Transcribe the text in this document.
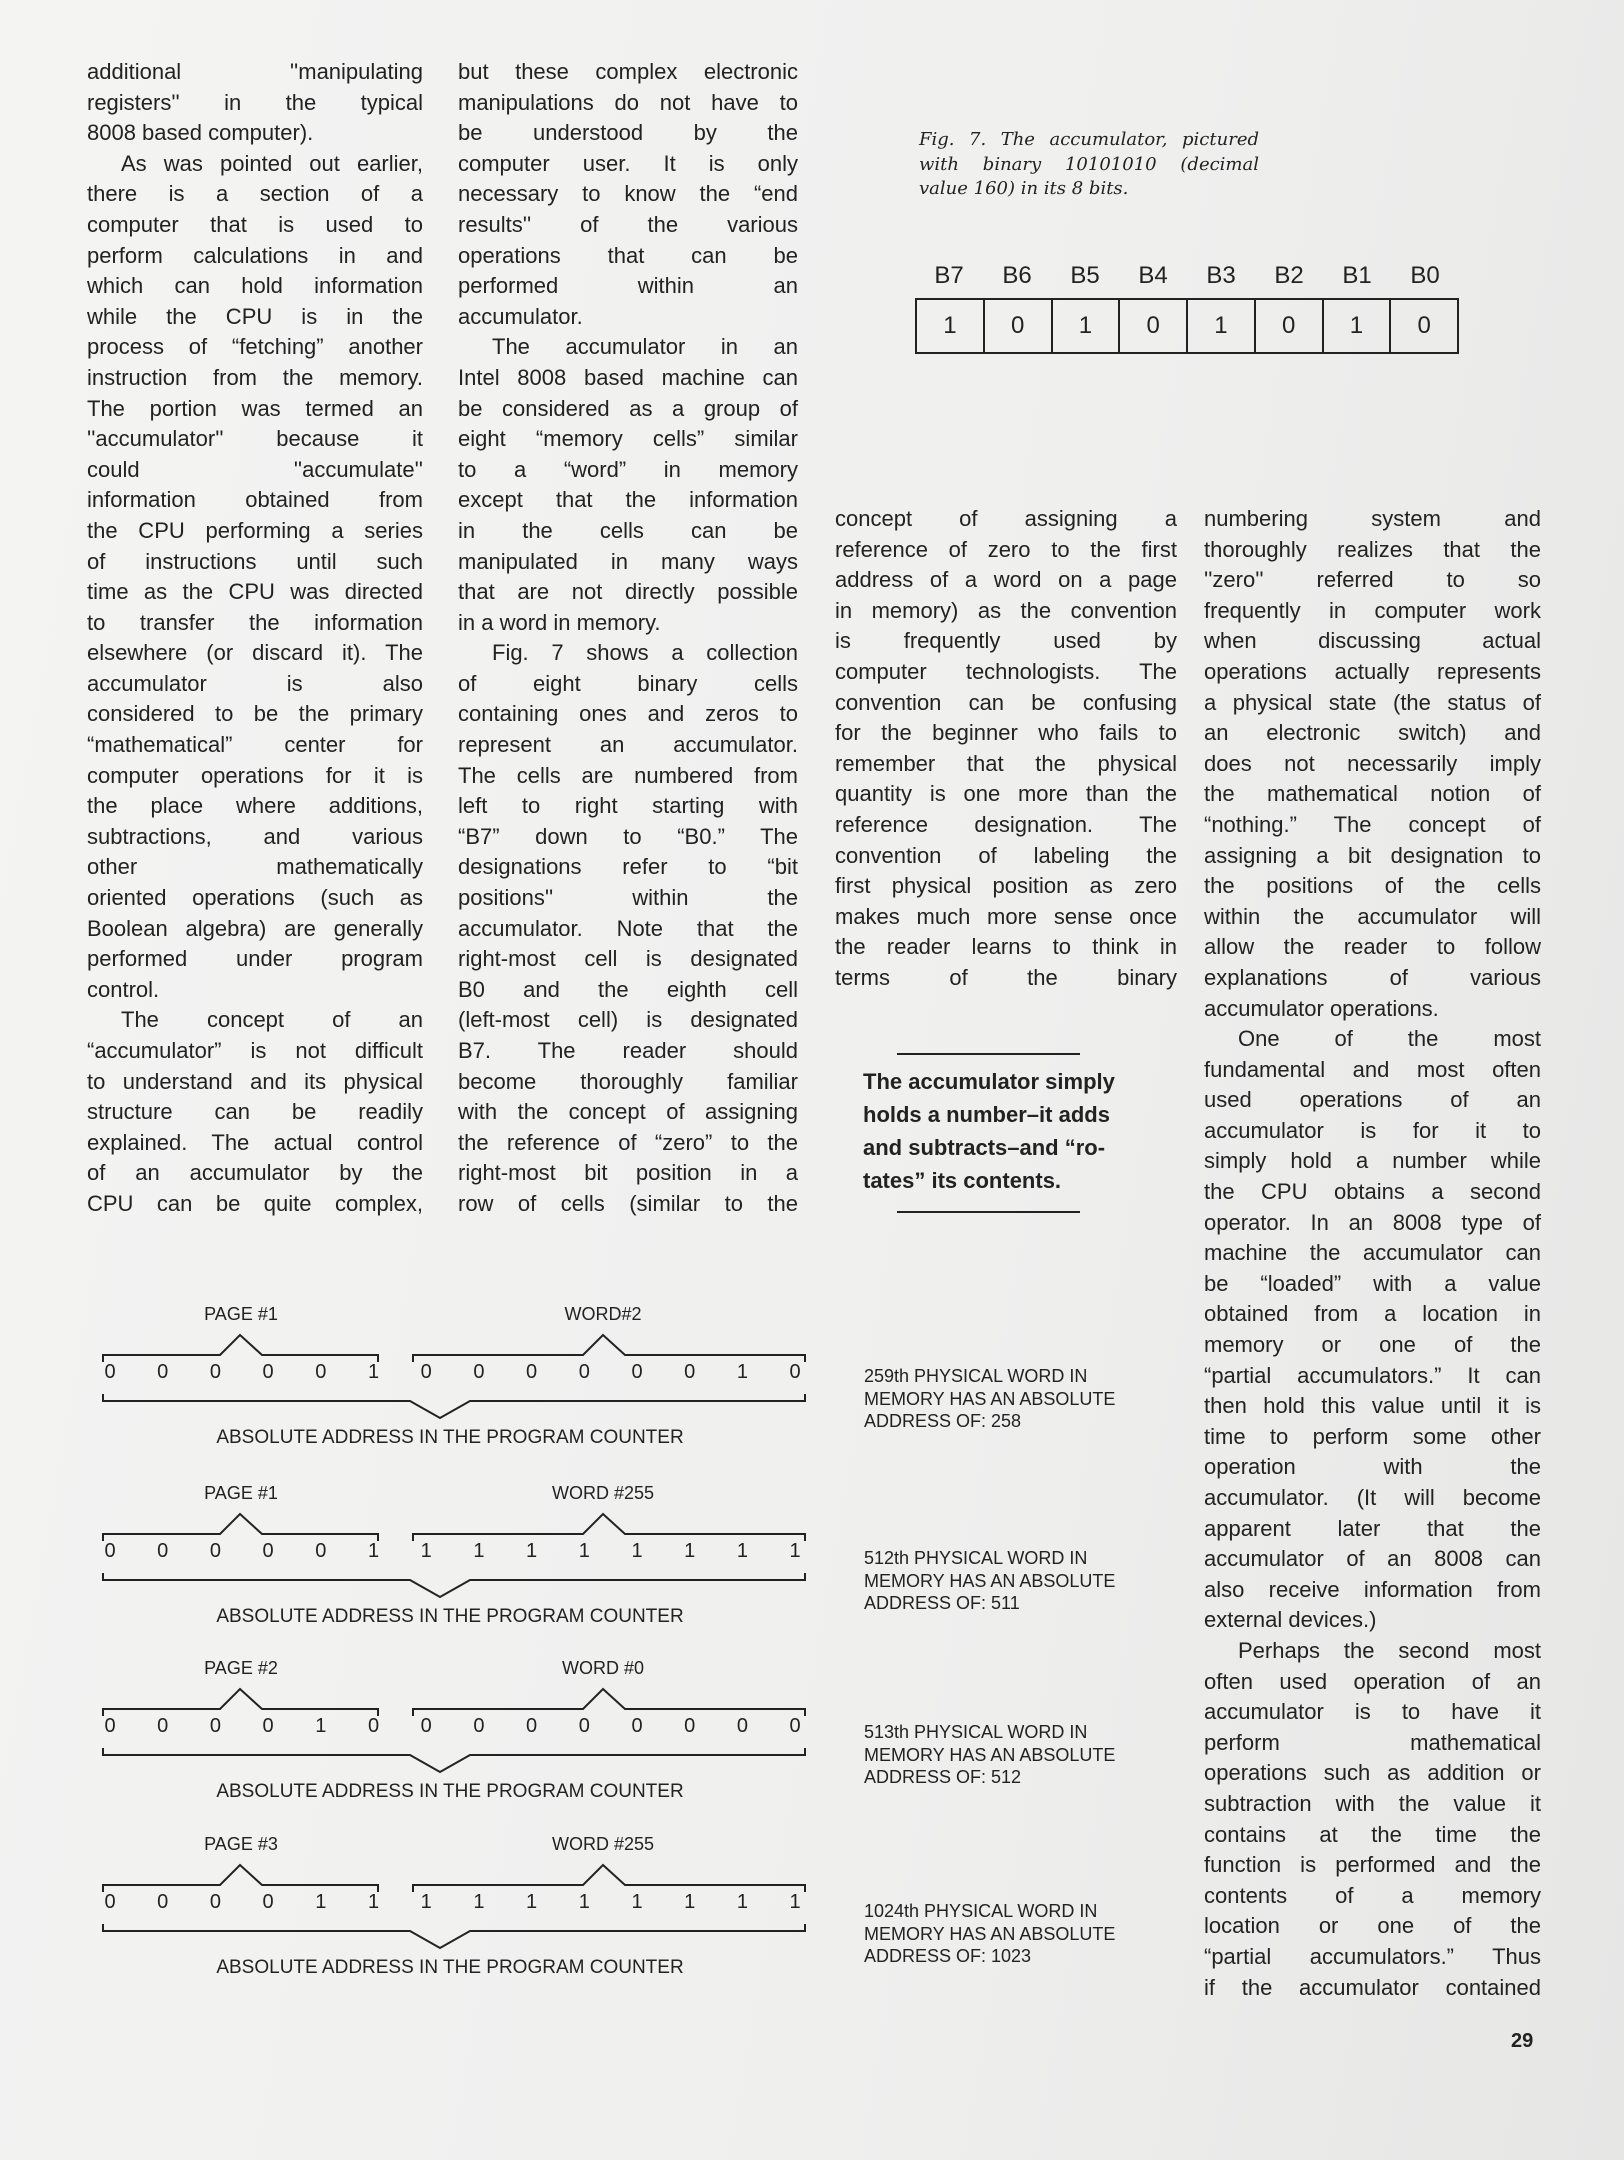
additional ''manipulating
registers'' in the typical
8008 based computer).
As was pointed out earlier,
there is a section of a
computer that is used to
perform calculations in and
which can hold information
while the CPU is in the
process of “fetching” another
instruction from the memory.
The portion was termed an
''accumulator'' because it
could ''accumulate''
information obtained from
the CPU performing a series
of instructions until such
time as the CPU was directed
to transfer the information
elsewhere (or discard it). The
accumulator is also
considered to be the primary
“mathematical” center for
computer operations for it is
the place where additions,
subtractions, and various
other mathematically
oriented operations (such as
Boolean algebra) are generally
performed under program
control.
The concept of an
“accumulator” is not difficult
to understand and its physical
structure can be readily
explained. The actual control
of an accumulator by the
CPU can be quite complex,
but these complex electronic
manipulations do not have to
be understood by the
computer user. It is only
necessary to know the “end
results'' of the various
operations that can be
performed within an
accumulator.
The accumulator in an
Intel 8008 based machine can
be considered as a group of
eight “memory cells” similar
to a “word” in memory
except that the information
in the cells can be
manipulated in many ways
that are not directly possible
in a word in memory.
Fig. 7 shows a collection
of eight binary cells
containing ones and zeros to
represent an accumulator.
The cells are numbered from
left to right starting with
“B7” down to “B0.” The
designations refer to “bit
positions'' within the
accumulator. Note that the
right-most cell is designated
B0 and the eighth cell
(left-most cell) is designated
B7. The reader should
become thoroughly familiar
with the concept of assigning
the reference of “zero” to the
right-most bit position in a
row of cells (similar to the
concept of assigning a
reference of zero to the first
address of a word on a page
in memory) as the convention
is frequently used by
computer technologists. The
convention can be confusing
for the beginner who fails to
remember that the physical
quantity is one more than the
reference designation. The
convention of labeling the
first physical position as zero
makes much more sense once
the reader learns to think in
terms of the binary
numbering system and
thoroughly realizes that the
''zero'' referred to so
frequently in computer work
when discussing actual
operations actually represents
a physical state (the status of
an electronic switch) and
does not necessarily imply
the mathematical notion of
“nothing.” The concept of
assigning a bit designation to
the positions of the cells
within the accumulator will
allow the reader to follow
explanations of various
accumulator operations.
One of the most
fundamental and most often
used operations of an
accumulator is for it to
simply hold a number while
the CPU obtains a second
operator. In an 8008 type of
machine the accumulator can
be “loaded” with a value
obtained from a location in
memory or one of the
“partial accumulators.” It can
then hold this value until it is
time to perform some other
operation with the
accumulator. (It will become
apparent later that the
accumulator of an 8008 can
also receive information from
external devices.)
Perhaps the second most
often used operation of an
accumulator is to have it
perform mathematical
operations such as addition or
subtraction with the value it
contains at the time the
function is performed and the
contents of a memory
location or one of the
“partial accumulators.” Thus
if the accumulator contained
Fig. 7. The accumulator, pictured
with binary 10101010 (decimal
value 160) in its 8 bits.
B7	B6	B5	B4	B3	B2	B1	B0
1	0	1	0	1	0	1	0
The accumulator simply
holds a number–it adds
and subtracts–and “ro-
tates” its contents.
PAGE #1	WORD#2
0 0 0 0 0 1 0 0 0 0 0 0 1 0
ABSOLUTE ADDRESS IN THE PROGRAM COUNTER
PAGE #1	WORD #255
0 0 0 0 0 1 1 1 1 1 1 1 1 1
ABSOLUTE ADDRESS IN THE PROGRAM COUNTER
PAGE #2	WORD #0
0 0 0 0 1 0 0 0 0 0 0 0 0 0
ABSOLUTE ADDRESS IN THE PROGRAM COUNTER
PAGE #3	WORD #255
0 0 0 0 1 1 1 1 1 1 1 1 1 1
ABSOLUTE ADDRESS IN THE PROGRAM COUNTER
29
259th PHYSICAL WORD IN
MEMORY HAS AN ABSOLUTE
ADDRESS OF: 258
512th PHYSICAL WORD IN
MEMORY HAS AN ABSOLUTE
ADDRESS OF: 511
513th PHYSICAL WORD IN
MEMORY HAS AN ABSOLUTE
ADDRESS OF: 512
1024th PHYSICAL WORD IN
MEMORY HAS AN ABSOLUTE
ADDRESS OF: 1023
